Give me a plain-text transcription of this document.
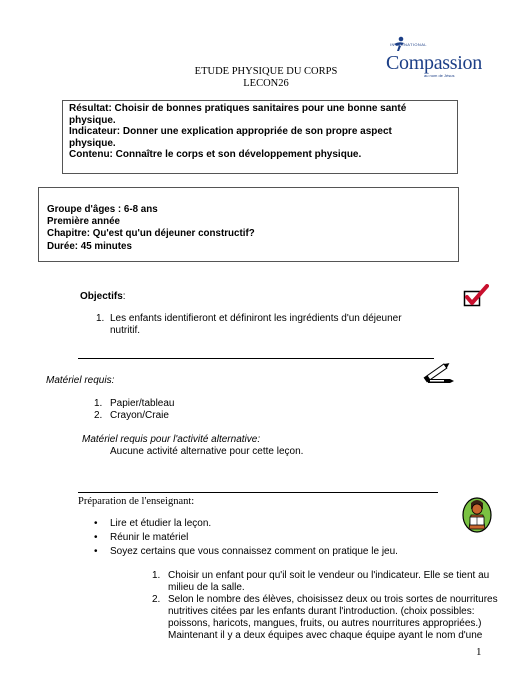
ETUDE PHYSIQUE DU CORPS
LECON26
INTERNATIONAL
Compassion
au nom de Jésus

Résultat: Choisir de bonnes pratiques sanitaires pour une bonne santé

physique.

Indicateur: Donner une explication appropriée de son propre aspect

physique.

Contenu: Connaître le corps et son développement physique.

Groupe d'âges : 6-8 ans

Première année

Chapitre: Qu'est qu'un déjeuner constructif?

Durée: 45 minutes

Objectifs:
1. Les enfants identifieront et définiront les ingrédients d'un déjeuner
nutritif.
Matériel requis:
1. Papier/tableau
2. Crayon/Craie
Matériel requis pour l'activité alternative:
Aucune activité alternative pour cette leçon.
Préparation de l'enseignant:
• Lire et étudier la leçon.
• Réunir le matériel
• Soyez certains que vous connaissez comment on pratique le jeu.
1. Choisir un enfant pour qu'il soit le vendeur ou l'indicateur. Elle se tient au
milieu de la salle.
2. Selon le nombre des élèves, choisissez deux ou trois sortes de nourritures
nutritives citées par les enfants durant l'introduction. (choix possibles:
poissons, haricots, mangues, fruits, ou autres nourritures appropriées.)
Maintenant il y a deux équipes avec chaque équipe ayant le nom d'une
1
